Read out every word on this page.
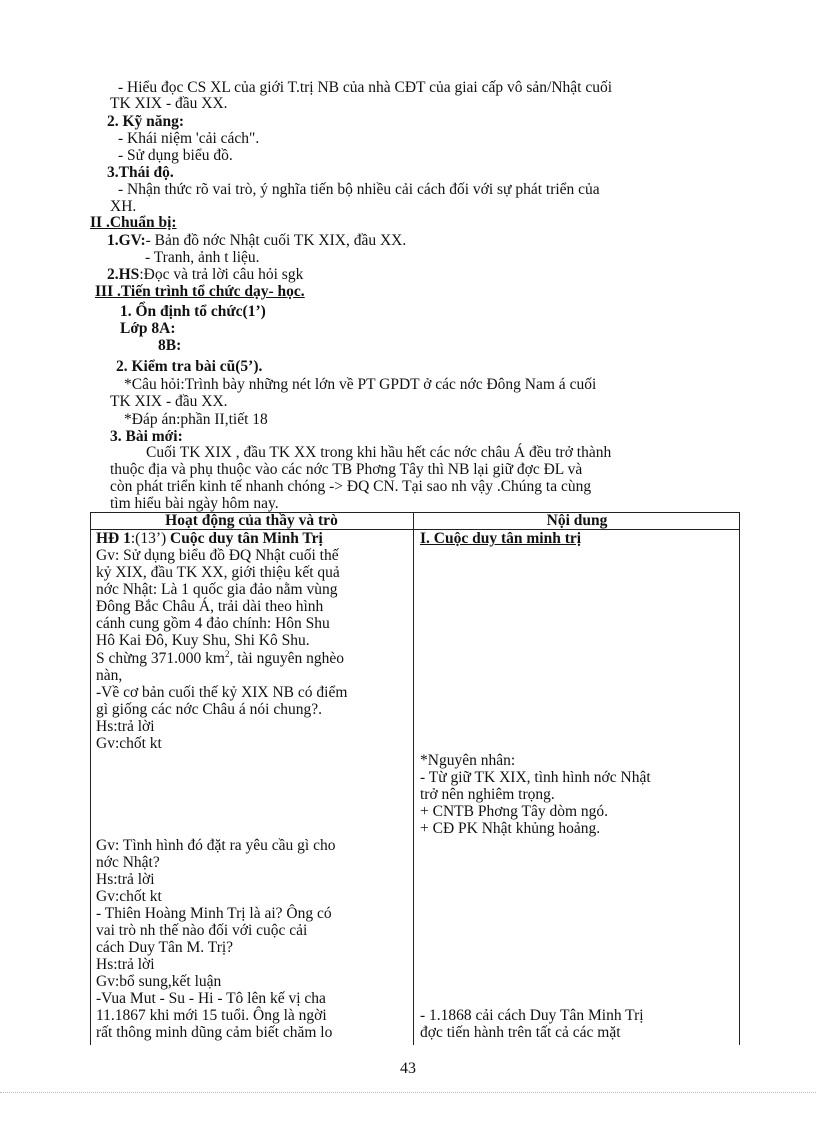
- Hiểu đọc CS XL của giới T.trị NB của nhà CĐT của giai cấp vô sản/Nhật cuối
TK XIX - đầu XX.
2. Kỹ năng:
- Khái niệm 'cải cách".
- Sử dụng biểu đồ.
3.Thái độ.
- Nhận thức rõ vai trò, ý nghĩa tiến bộ nhiều cải cách đối với sự phát triển của
XH.
II .Chuẩn bị:
1.GV:- Bản đồ nớc Nhật cuối TK XIX, đầu XX.
- Tranh, ảnh t liệu.
2.HS:Đọc và trả lời câu hỏi sgk
III .Tiến trình tổ chức dạy- học.
1. Ổn định tổ chức(1’)
Lớp 8A:
8B:
2. Kiểm tra bài cũ(5’).
*Câu hỏi:Trình bày những nét lớn về PT GPDT ở các nớc Đông Nam á cuối
TK XIX - đầu XX.
*Đáp án:phần II,tiết 18
3. Bài mới:
Cuối TK XIX , đầu TK XX trong khi hầu hết các nớc châu Á đều trở thành
thuộc địa và phụ thuộc vào các nớc TB Phơng Tây thì NB lại giữ đợc ĐL và
còn phát triển kinh tế nhanh chóng -> ĐQ CN. Tại sao nh vậy .Chúng ta cùng
tìm hiểu bài ngày hôm nay.
Hoạt động của thầy và trò	Nội dung
HĐ 1:(13’) Cuộc duy tân Minh Trị
Gv: Sử dụng biểu đồ ĐQ Nhật cuối thế
kỷ XIX, đầu TK XX, giới thiệu kết quả
nớc Nhật: Là 1 quốc gia đảo nằm vùng
Đông Bắc Châu Á, trải dài theo hình
cánh cung gồm 4 đảo chính: Hôn Shu
Hô Kai Đô, Kuy Shu, Shi Kô Shu.
S chừng 371.000 $km^2$, tài nguyên nghèo
nàn,
-Về cơ bản cuối thế kỷ XIX NB có điểm
gì giống các nớc Châu á nói chung?.
Hs:trả lời
Gv:chốt kt
Gv: Tình hình đó đặt ra yêu cầu gì cho
nớc Nhật?
Hs:trả lời
Gv:chốt kt
- Thiên Hoàng Minh Trị là ai? Ông có
vai trò nh thế nào đối với cuộc cải
cách Duy Tân M. Trị?
Hs:trả lời
Gv:bổ sung,kết luận
-Vua Mut - Su - Hi - Tô lên kế vị cha
11.1867 khi mới 15 tuổi. Ông là ngời
rất thông minh dũng cảm biết chăm lo
I. Cuộc duy tân minh trị
*Nguyên nhân:
- Từ giữ TK XIX, tình hình nớc Nhật
trở nên nghiêm trọng.
+ CNTB Phơng Tây dòm ngó.
+ CĐ PK Nhật khủng hoảng.
- 1.1868 cải cách Duy Tân Minh Trị
đợc tiến hành trên tất cả các mặt
43
